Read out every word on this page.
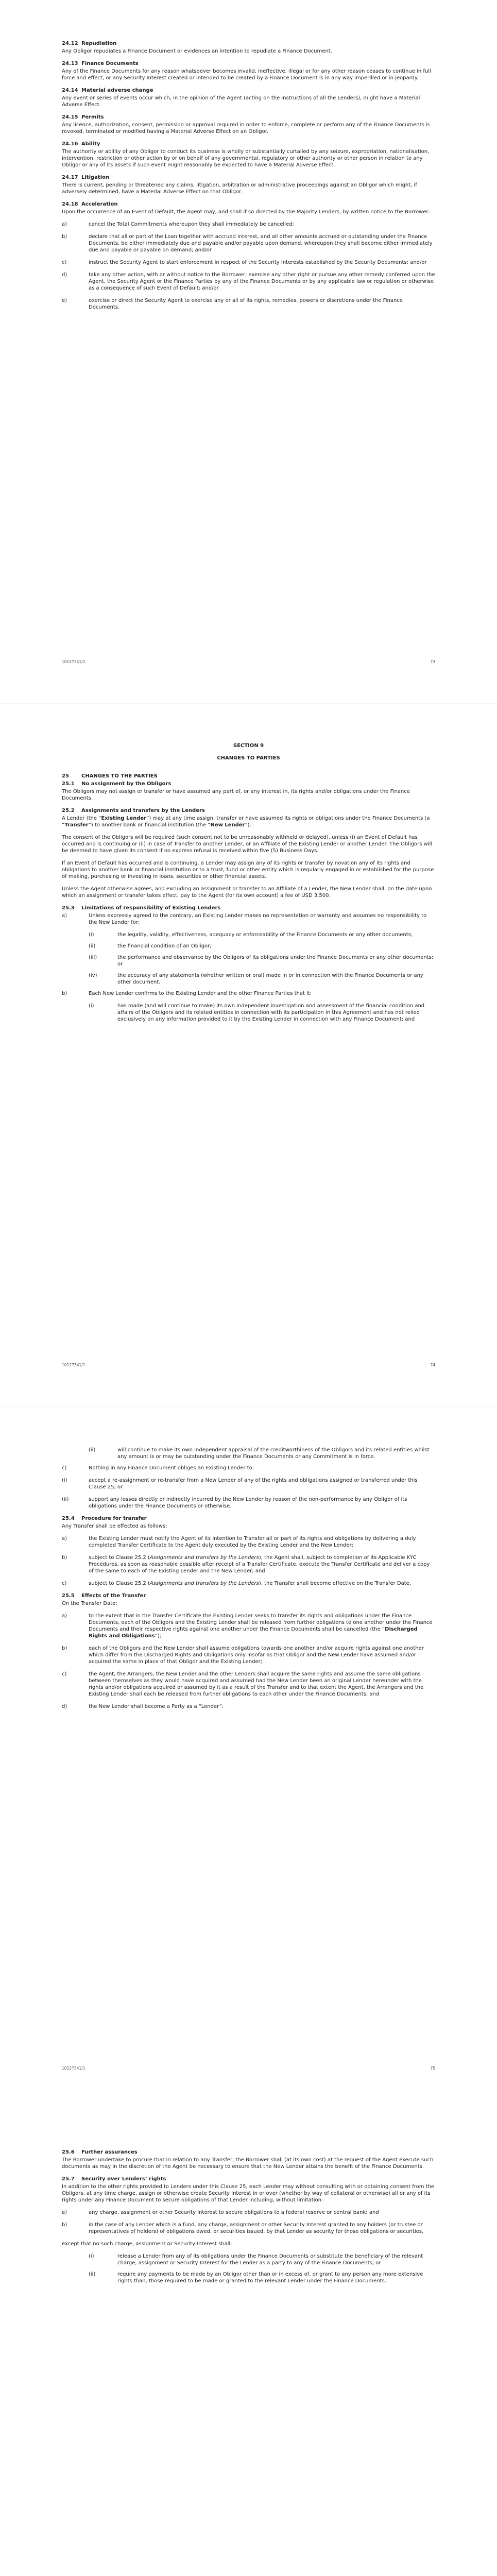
24.12 Repudiation

Any Obligor repudiates a Finance Document or evidences an intention to repudiate a Finance Document.

24.13 Finance Documents

Any of the Finance Documents for any reason whatsoever becomes invalid, ineffective, illegal or for any other reason ceases to continue in full force and effect, or any Security Interest created or intended to be created by a Finance Document is in any way imperilled or in jeopardy.

24.14 Material adverse change

Any event or series of events occur which, in the opinion of the Agent (acting on the instructions of all the Lenders), might have a Material Adverse Effect.

24.15 Permits

Any licence, authorization, consent, permission or approval required in order to enforce, complete or perform any of the Finance Documents is revoked, terminated or modified having a Material Adverse Effect on an Obligor.

24.16 Ability

The authority or ability of any Obligor to conduct its business is wholly or substantially curtailed by any seizure, expropriation, nationalisation, intervention, restriction or other action by or on behalf of any governmental, regulatory or other authority or other person in relation to any Obligor or any of its assets if such event might reasonably be expected to have a Material Adverse Effect.

24.17 Litigation

There is current, pending or threatened any claims, litigation, arbitration or administrative proceedings against an Obligor which might, if adversely determined, have a Material Adverse Effect on that Obligor.

24.18 Acceleration

Upon the occurrence of an Event of Default, the Agent may, and shall if so directed by the Majority Lenders, by written notice to the Borrower:

a)	cancel the Total Commitments whereupon they shall immediately be cancelled;
b)	declare that all or part of the Loan together with accrued interest, and all other amounts accrued or outstanding under the Finance Documents, be either immediately due and payable and/or payable upon demand, whereupon they shall become either immediately due and payable or payable on demand; and/or
c)	instruct the Security Agent to start enforcement in respect of the Security Interests established by the Security Documents; and/or
d)	take any other action, with or without notice to the Borrower, exercise any other right or pursue any other remedy conferred upon the Agent, the Security Agent or the Finance Parties by any of the Finance Documents or by any applicable law or regulation or otherwise as a consequence of such Event of Default; and/or
e)	exercise or direct the Security Agent to exercise any or all of its rights, remedies, powers or discretions under the Finance Documents.
10127341/1	73

SECTION 9

CHANGES TO PARTIES

25 CHANGES TO THE PARTIES
25.1 No assignment by the Obligors

The Obligors may not assign or transfer or have assumed any part of, or any interest in, its rights and/or obligations under the Finance Documents.

25.2 Assignments and transfers by the Lenders

A Lender (the “Existing Lender”) may at any time assign, transfer or have assumed its rights or obligations under the Finance Documents (a “Transfer”) to another bank or financial institution (the “New Lender”).

The consent of the Obligors will be required (such consent not to be unreasonably withheld or delayed), unless (i) an Event of Default has occurred and is continuing or (ii) in case of Transfer to another Lender, or an Affiliate of the Existing Lender or another Lender. The Obligors will be deemed to have given its consent if no express refusal is received within five (5) Business Days.

If an Event of Default has occurred and is continuing, a Lender may assign any of its rights or transfer by novation any of its rights and obligations to another bank or financial institution or to a trust, fund or other entity which is regularly engaged in or established for the purpose of making, purchasing or investing in loans, securities or other financial assets.

Unless the Agent otherwise agrees, and excluding an assignment or transfer to an Affiliate of a Lender, the New Lender shall, on the date upon which an assignment or transfer takes effect, pay to the Agent (for its own account) a fee of USD 3,500.

25.3 Limitations of responsibility of Existing Lenders
a)	Unless expressly agreed to the contrary, an Existing Lender makes no representation or warranty and assumes no responsibility to the New Lender for:
(i)	the legality, validity, effectiveness, adequacy or enforceability of the Finance Documents or any other documents;
(ii)	the financial condition of an Obligor;
(iii)	the performance and observance by the Obligors of its obligations under the Finance Documents or any other documents; or
(iv)	the accuracy of any statements (whether written or oral) made in or in connection with the Finance Documents or any other document.
b)	Each New Lender confirms to the Existing Lender and the other Finance Parties that it:
(i)	has made (and will continue to make) its own independent investigation and assessment of the financial condition and affairs of the Obligors and its related entities in connection with its participation in this Agreement and has not relied exclusively on any information provided to it by the Existing Lender in connection with any Finance Document; and
10127341/1	74
(ii)	will continue to make its own independent appraisal of the creditworthiness of the Obligors and its related entities whilst any amount is or may be outstanding under the Finance Documents or any Commitment is in force.
c)	Nothing in any Finance Document obliges an Existing Lender to:
(i)	accept a re-assignment or re-transfer from a New Lender of any of the rights and obligations assigned or transferred under this Clause 25; or
(ii)	support any losses directly or indirectly incurred by the New Lender by reason of the non-performance by any Obligor of its obligations under the Finance Documents or otherwise.
25.4 Procedure for transfer

Any Transfer shall be effected as follows:

a)	the Existing Lender must notify the Agent of its intention to Transfer all or part of its rights and obligations by delivering a duly completed Transfer Certificate to the Agent duly executed by the Existing Lender and the New Lender;
b)	subject to Clause 25.2 (Assignments and transfers by the Lenders), the Agent shall, subject to completion of its Applicable KYC Procedures, as soon as reasonable possible after receipt of a Transfer Certificate, execute the Transfer Certificate and deliver a copy of the same to each of the Existing Lender and the New Lender; and
c)	subject to Clause 25.2 (Assignments and transfers by the Lenders), the Transfer shall become effective on the Transfer Date.
25.5 Effects of the Transfer

On the Transfer Date:

a)	to the extent that in the Transfer Certificate the Existing Lender seeks to transfer its rights and obligations under the Finance Documents, each of the Obligors and the Existing Lender shall be released from further obligations to one another under the Finance Documents and their respective rights against one another under the Finance Documents shall be cancelled (the “Discharged Rights and Obligations”);
b)	each of the Obligors and the New Lender shall assume obligations towards one another and/or acquire rights against one another which differ from the Discharged Rights and Obligations only insofar as that Obligor and the New Lender have assumed and/or acquired the same in place of that Obligor and the Existing Lender;
c)	the Agent, the Arrangers, the New Lender and the other Lenders shall acquire the same rights and assume the same obligations between themselves as they would have acquired and assumed had the New Lender been an original Lender hereunder with the rights and/or obligations acquired or assumed by it as a result of the Transfer and to that extent the Agent, the Arrangers and the Existing Lender shall each be released from further obligations to each other under the Finance Documents; and
d)	the New Lender shall become a Party as a “Lender”.
10127341/1	75
25.6 Further assurances

The Borrower undertake to procure that in relation to any Transfer, the Borrower shall (at its own cost) at the request of the Agent execute such documents as may in the discretion of the Agent be necessary to ensure that the New Lender attains the benefit of the Finance Documents.

25.7 Security over Lenders’ rights

In addition to the other rights provided to Lenders under this Clause 25, each Lender may without consulting with or obtaining consent from the Obligors, at any time charge, assign or otherwise create Security Interest in or over (whether by way of collateral or otherwise) all or any of its rights under any Finance Document to secure obligations of that Lender including, without limitation:

a)	any charge, assignment or other Security Interest to secure obligations to a federal reserve or central bank; and
b)	in the case of any Lender which is a fund, any charge, assignment or other Security Interest granted to any holders (or trustee or representatives of holders) of obligations owed, or securities issued, by that Lender as security for those obligations or securities,

except that no such charge, assignment or Security Interest shall:

(i)	release a Lender from any of its obligations under the Finance Documents or substitute the beneficiary of the relevant charge, assignment or Security Interest for the Lender as a party to any of the Finance Documents; or
(ii)	require any payments to be made by an Obligor other than or in excess of, or grant to any person any more extensive rights than, those required to be made or granted to the relevant Lender under the Finance Documents.
